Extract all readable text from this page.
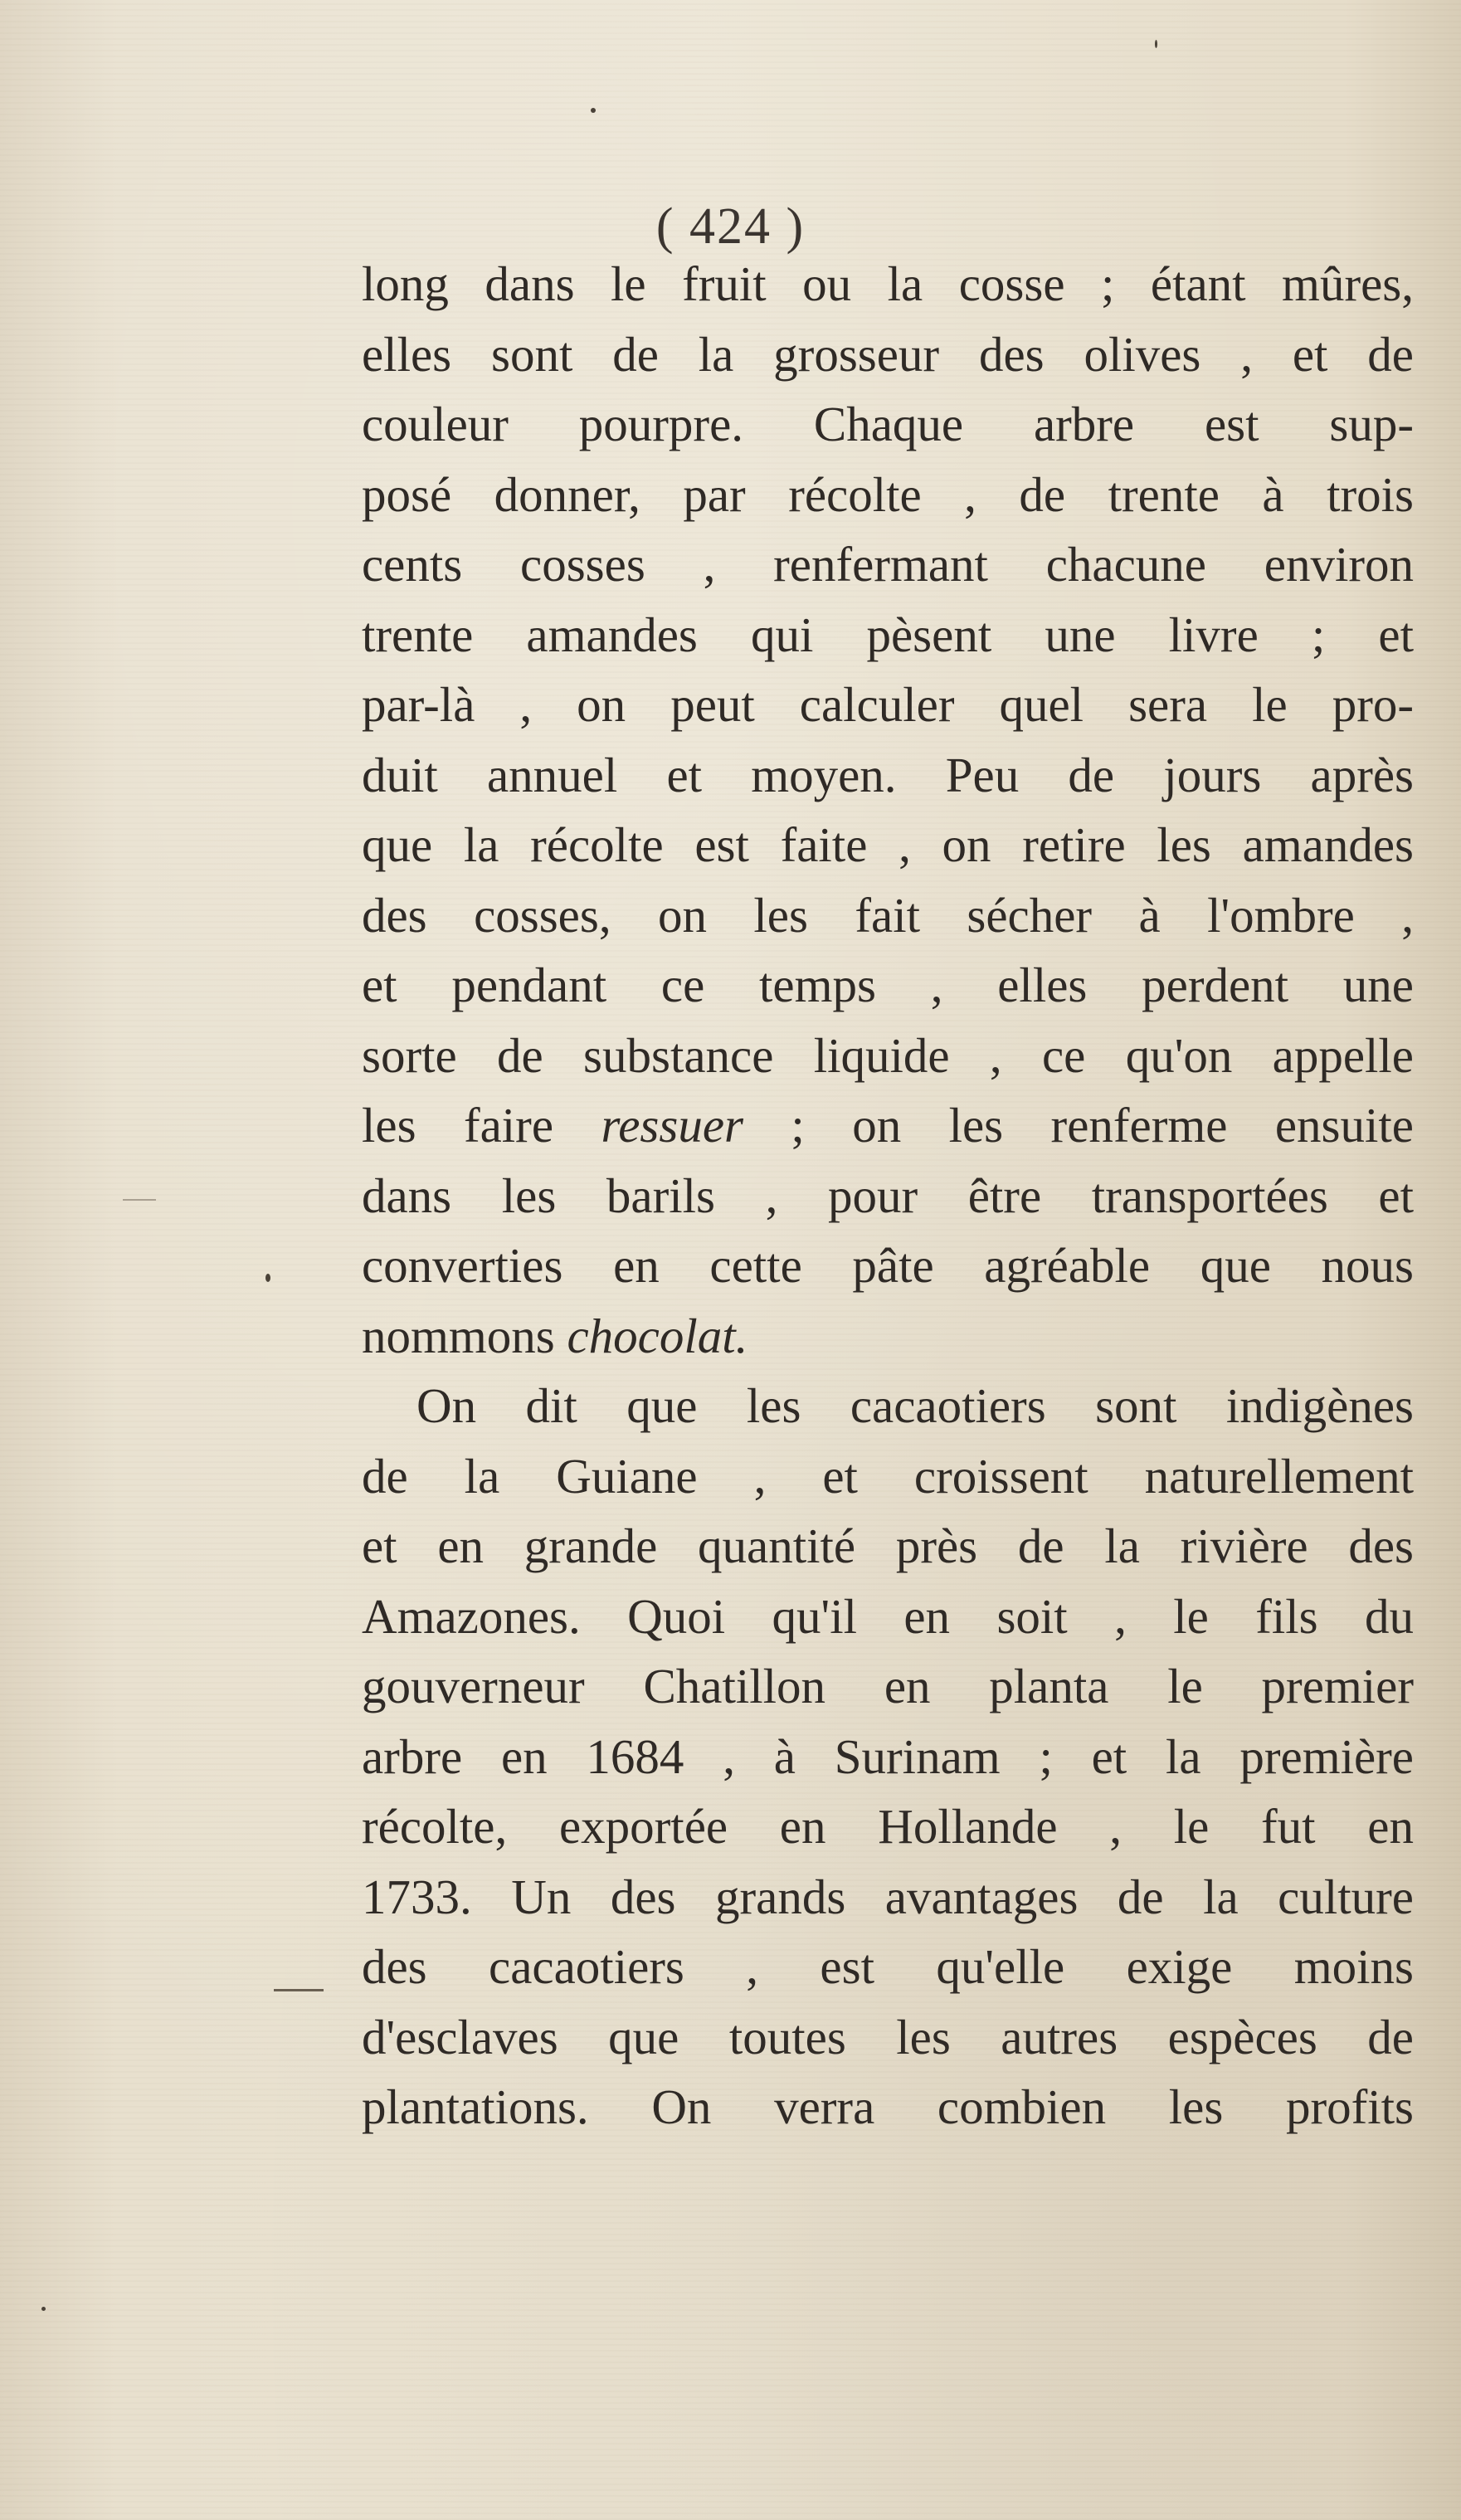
( 424 )
long dans le fruit ou la cosse ; étant mûres,
elles sont de la grosseur des olives , et de
couleur pourpre. Chaque arbre est sup-
posé donner, par récolte , de trente à trois
cents cosses , renfermant chacune environ
trente amandes qui pèsent une livre ; et
par-là , on peut calculer quel sera le pro-
duit annuel et moyen. Peu de jours après
que la récolte est faite , on retire les amandes
des cosses, on les fait sécher à l'ombre ,
et pendant ce temps , elles perdent une
sorte de substance liquide , ce qu'on appelle
les faire ressuer ; on les renferme ensuite
dans les barils , pour être transportées et
converties en cette pâte agréable que nous
nommons chocolat.
On dit que les cacaotiers sont indigènes
de la Guiane , et croissent naturellement
et en grande quantité près de la rivière des
Amazones. Quoi qu'il en soit , le fils du
gouverneur Chatillon en planta le premier
arbre en 1684 , à Surinam ; et la première
récolte, exportée en Hollande , le fut en
1733. Un des grands avantages de la culture
des cacaotiers , est qu'elle exige moins
d'esclaves que toutes les autres espèces de
plantations. On verra combien les profits
